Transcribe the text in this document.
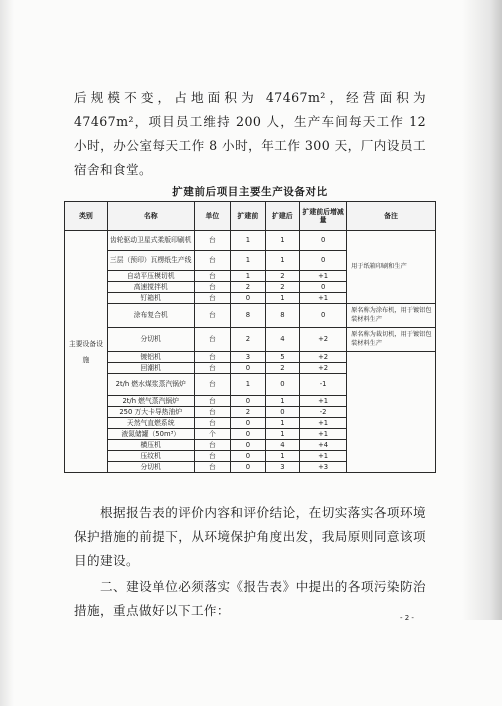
后规模不变，占地面积为 47467m²，经营面积为 47467m²，项目员工维持 200 人，生产车间每天工作 12 小时，办公室每天工作 8 小时，年工作 300 天，厂内设员工宿舍和食堂。

扩建前后项目主要生产设备对比
类别	名称	单位	扩建前	扩建后	扩建前后增减量	备注
主要设备设施	齿轮驱动卫星式柔版印刷机	台	1	1	0	用于纸箱印刷和生产
	三层（预印）瓦楞纸生产线	台	1	1	0	
	自动平压模切机	台	1	2	+1	
	高速搅拌机	台	2	2	0	
	钉箱机	台	0	1	+1	
	涂布复合机	台	8	8	0	原名称为涂布机，用于镀铝包装材料生产
	分切机	台	2	4	+2	原名称为裁切机，用于镀铝包装材料生产
	镀铝机	台	3	5	+2	
	回潮机	台	0	2	+2	
	2t/h 燃水煤浆蒸汽锅炉	台	1	0	-1	
	2t/h 燃气蒸汽锅炉	台	0	1	+1	
	250 万大卡导热油炉	台	2	0	-2	
	天然气直燃系统	台	0	1	+1	
	液氮储罐（50m³）	个	0	1	+1	
	横压机	台	0	4	+4	
	压纹机	台	0	1	+1	
	分切机	台	0	3	+3	

根据报告表的评价内容和评价结论，在切实落实各项环境保护措施的前提下，从环境保护角度出发，我局原则同意该项目的建设。

二、建设单位必须落实《报告表》中提出的各项污染防治措施，重点做好以下工作：	- 2 -
